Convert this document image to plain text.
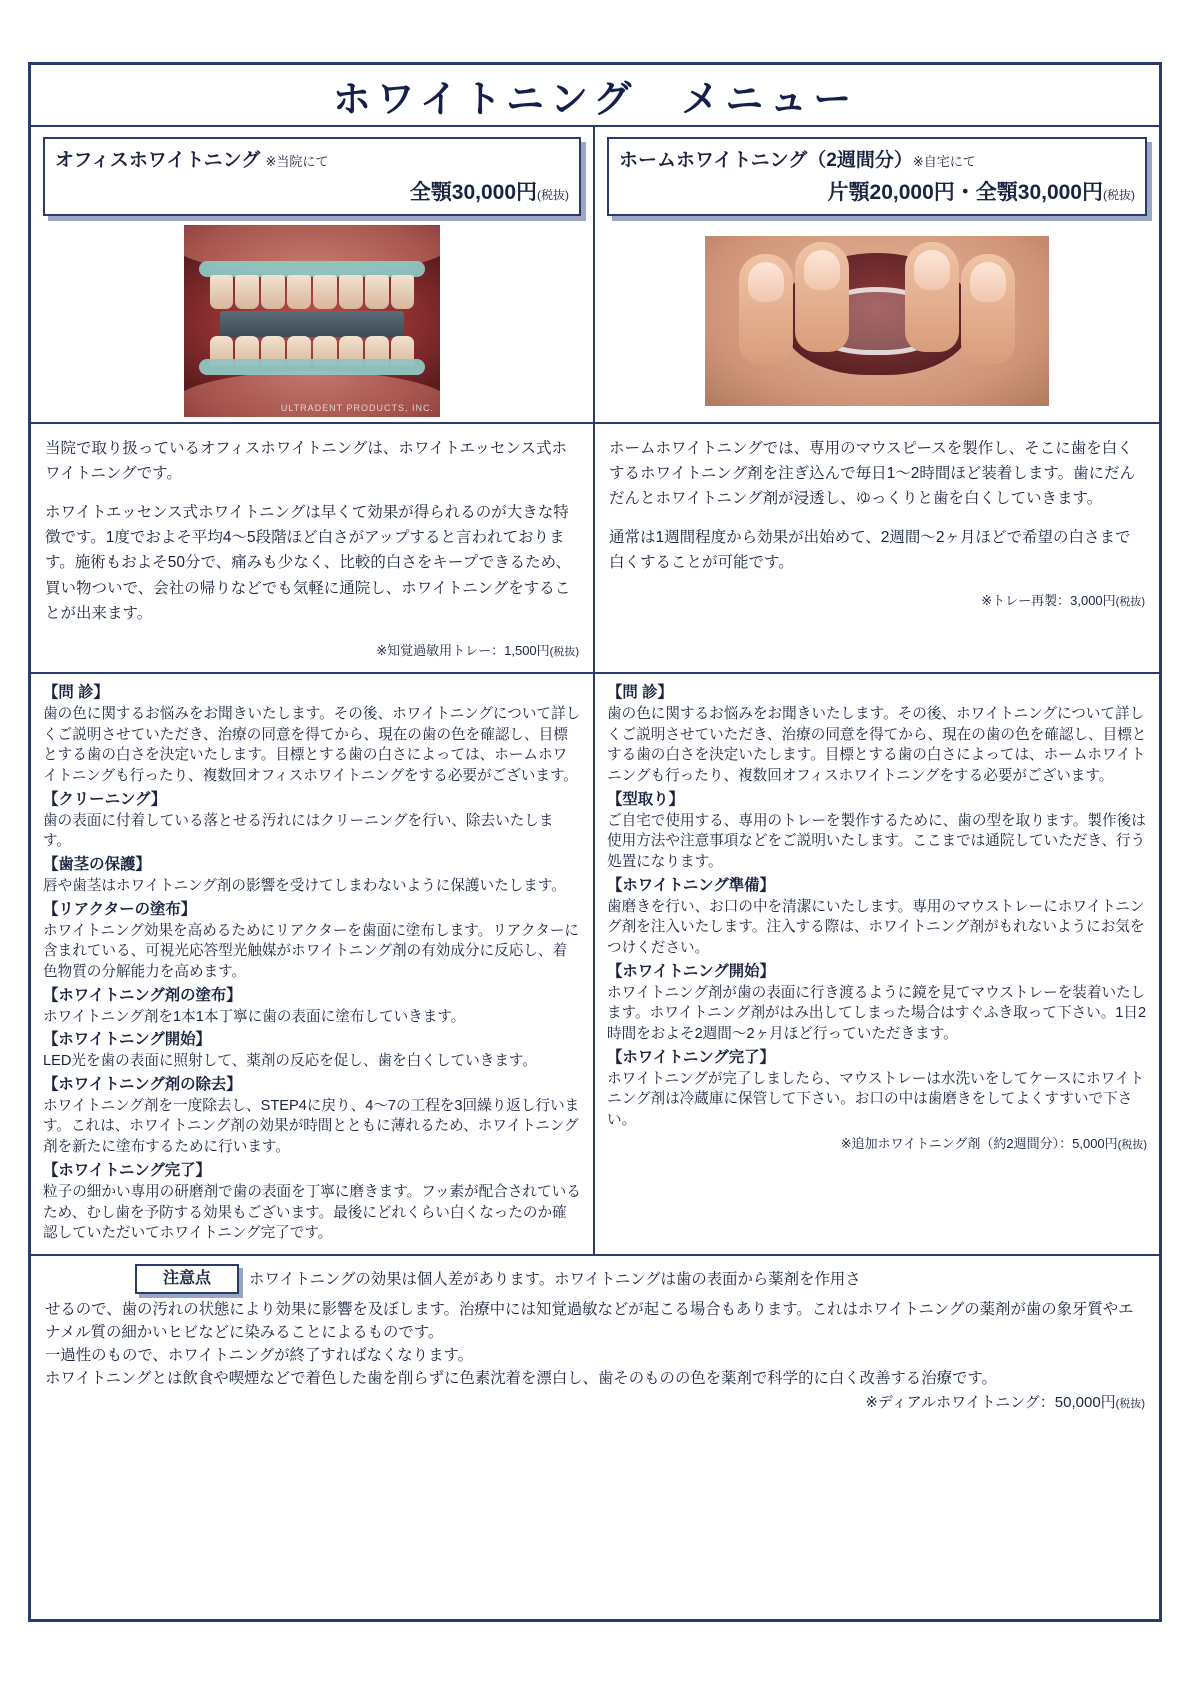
ホワイトニング　メニュー
オフィスホワイトニング ※当院にて
全顎30,000円(税抜)
ULTRADENT PRODUCTS, INC.

当院で取り扱っているオフィスホワイトニングは、ホワイトエッセンス式ホワイトニングです。

ホワイトエッセンス式ホワイトニングは早くて効果が得られるのが大きな特徴です。1度でおよそ平均4～5段階ほど白さがアップすると言われております。施術もおよそ50分で、痛みも少なく、比較的白さをキープできるため、買い物ついで、会社の帰りなどでも気軽に通院し、ホワイトニングをすることが出来ます。

※知覚過敏用トレー：1,500円(税抜)
【問 診】
歯の色に関するお悩みをお聞きいたします。その後、ホワイトニングについて詳しくご説明させていただき、治療の同意を得てから、現在の歯の色を確認し、目標とする歯の白さを決定いたします。目標とする歯の白さによっては、ホームホワイトニングも行ったり、複数回オフィスホワイトニングをする必要がございます。
【クリーニング】
歯の表面に付着している落とせる汚れにはクリーニングを行い、除去いたします。
【歯茎の保護】
唇や歯茎はホワイトニング剤の影響を受けてしまわないように保護いたします。
【リアクターの塗布】
ホワイトニング効果を高めるためにリアクターを歯面に塗布します。リアクターに含まれている、可視光応答型光触媒がホワイトニング剤の有効成分に反応し、着色物質の分解能力を高めます。
【ホワイトニング剤の塗布】
ホワイトニング剤を1本1本丁寧に歯の表面に塗布していきます。
【ホワイトニング開始】
LED光を歯の表面に照射して、薬剤の反応を促し、歯を白くしていきます。
【ホワイトニング剤の除去】
ホワイトニング剤を一度除去し、STEP4に戻り、4～7の工程を3回繰り返し行います。これは、ホワイトニング剤の効果が時間とともに薄れるため、ホワイトニング剤を新たに塗布するために行います。
【ホワイトニング完了】
粒子の細かい専用の研磨剤で歯の表面を丁寧に磨きます。フッ素が配合されているため、むし歯を予防する効果もございます。最後にどれくらい白くなったのか確認していただいてホワイトニング完了です。
ホームホワイトニング（2週間分）※自宅にて
片顎20,000円・全顎30,000円(税抜)

ホームホワイトニングでは、専用のマウスピースを製作し、そこに歯を白くするホワイトニング剤を注ぎ込んで毎日1～2時間ほど装着します。歯にだんだんとホワイトニング剤が浸透し、ゆっくりと歯を白くしていきます。

通常は1週間程度から効果が出始めて、2週間～2ヶ月ほどで希望の白さまで白くすることが可能です。

※トレー再製：3,000円(税抜)
【問 診】
歯の色に関するお悩みをお聞きいたします。その後、ホワイトニングについて詳しくご説明させていただき、治療の同意を得てから、現在の歯の色を確認し、目標とする歯の白さを決定いたします。目標とする歯の白さによっては、ホームホワイトニングも行ったり、複数回オフィスホワイトニングをする必要がございます。
【型取り】
ご自宅で使用する、専用のトレーを製作するために、歯の型を取ります。製作後は使用方法や注意事項などをご説明いたします。ここまでは通院していただき、行う処置になります。
【ホワイトニング準備】
歯磨きを行い、お口の中を清潔にいたします。専用のマウストレーにホワイトニング剤を注入いたします。注入する際は、ホワイトニング剤がもれないようにお気をつけください。
【ホワイトニング開始】
ホワイトニング剤が歯の表面に行き渡るように鏡を見てマウストレーを装着いたします。ホワイトニング剤がはみ出してしまった場合はすぐふき取って下さい。1日2時間をおよそ2週間～2ヶ月ほど行っていただきます。
【ホワイトニング完了】
ホワイトニングが完了しましたら、マウストレーは水洗いをしてケースにホワイトニング剤は冷蔵庫に保管して下さい。お口の中は歯磨きをしてよくすすいで下さい。
※追加ホワイトニング剤（約2週間分）：5,000円(税抜)
注意点 ホワイトニングの効果は個人差があります。ホワイトニングは歯の表面から薬剤を作用さ

せるので、歯の汚れの状態により効果に影響を及ぼします。治療中には知覚過敏などが起こる場合もあります。これはホワイトニングの薬剤が歯の象牙質やエナメル質の細かいヒビなどに染みることによるものです。

一過性のもので、ホワイトニングが終了すればなくなります。

ホワイトニングとは飲食や喫煙などで着色した歯を削らずに色素沈着を漂白し、歯そのものの色を薬剤で科学的に白く改善する治療です。

※ディアルホワイトニング：50,000円(税抜)
